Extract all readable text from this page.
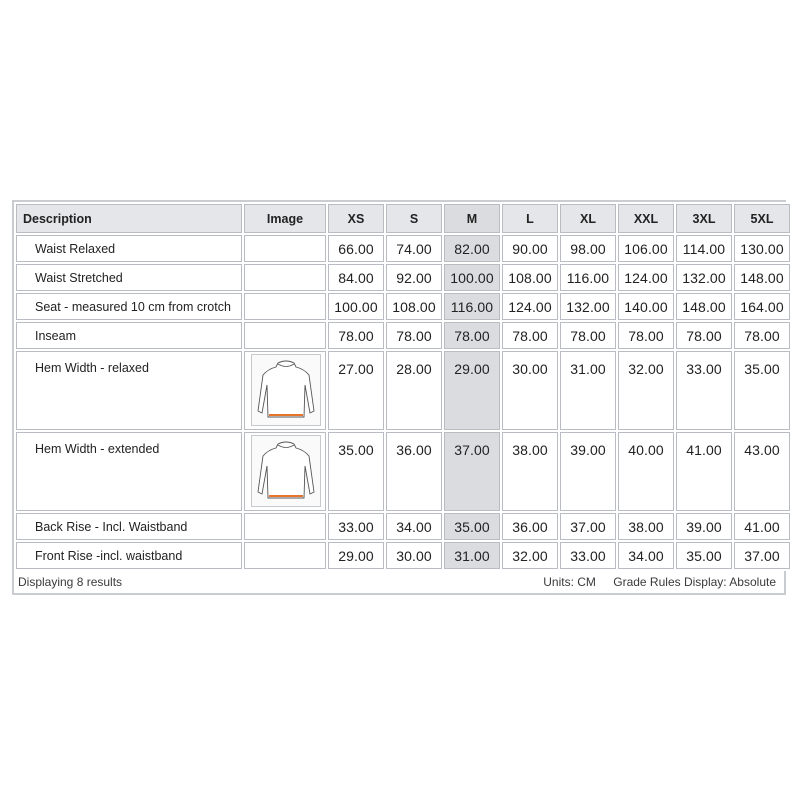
Description	Image	XS	S	M	L	XL	XXL	3XL	5XL
Waist Relaxed		66.00	74.00	82.00	90.00	98.00	106.00	114.00	130.00
Waist Stretched		84.00	92.00	100.00	108.00	116.00	124.00	132.00	148.00
Seat - measured 10 cm from crotch		100.00	108.00	116.00	124.00	132.00	140.00	148.00	164.00
Inseam		78.00	78.00	78.00	78.00	78.00	78.00	78.00	78.00
Hem Width - relaxed		27.00	28.00	29.00	30.00	31.00	32.00	33.00	35.00
Hem Width - extended		35.00	36.00	37.00	38.00	39.00	40.00	41.00	43.00
Back Rise - Incl. Waistband		33.00	34.00	35.00	36.00	37.00	38.00	39.00	41.00
Front Rise -incl. waistband		29.00	30.00	31.00	32.00	33.00	34.00	35.00	37.00
Displaying 8 results	Units: CM Grade Rules Display: Absolute
